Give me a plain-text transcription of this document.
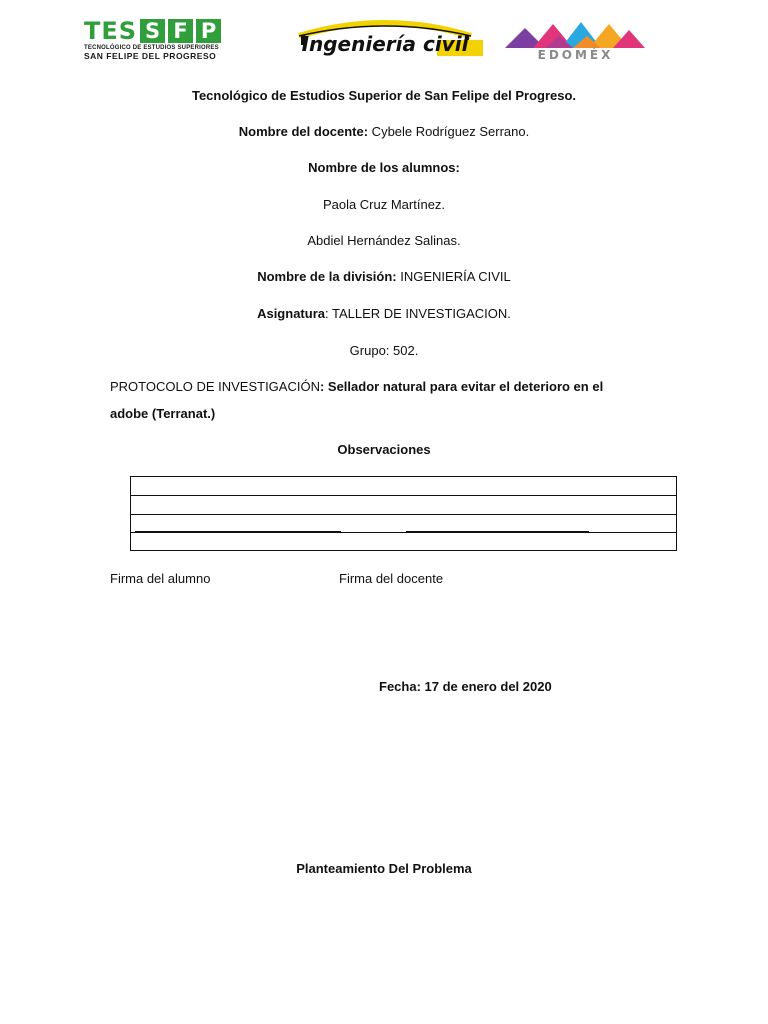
TES S F P
TECNOLÓGICO DE ESTUDIOS SUPERIORES
SAN FELIPE DEL PROGRESO	Ingeniería civil	EDOMÉX
Tecnológico de Estudios Superior de San Felipe del Progreso.
Nombre del docente: Cybele Rodríguez Serrano.
Nombre de los alumnos:
Paola Cruz Martínez.
Abdiel Hernández Salinas.
Nombre de la división: INGENIERÍA CIVIL
Asignatura: TALLER DE INVESTIGACION.
Grupo: 502.
PROTOCOLO DE INVESTIGACIÓN: Sellador natural para evitar el deterioro en el
adobe (Terranat.)
Observaciones
Firma del alumno	Firma del docente
Fecha: 17 de enero del 2020
Planteamiento Del Problema
